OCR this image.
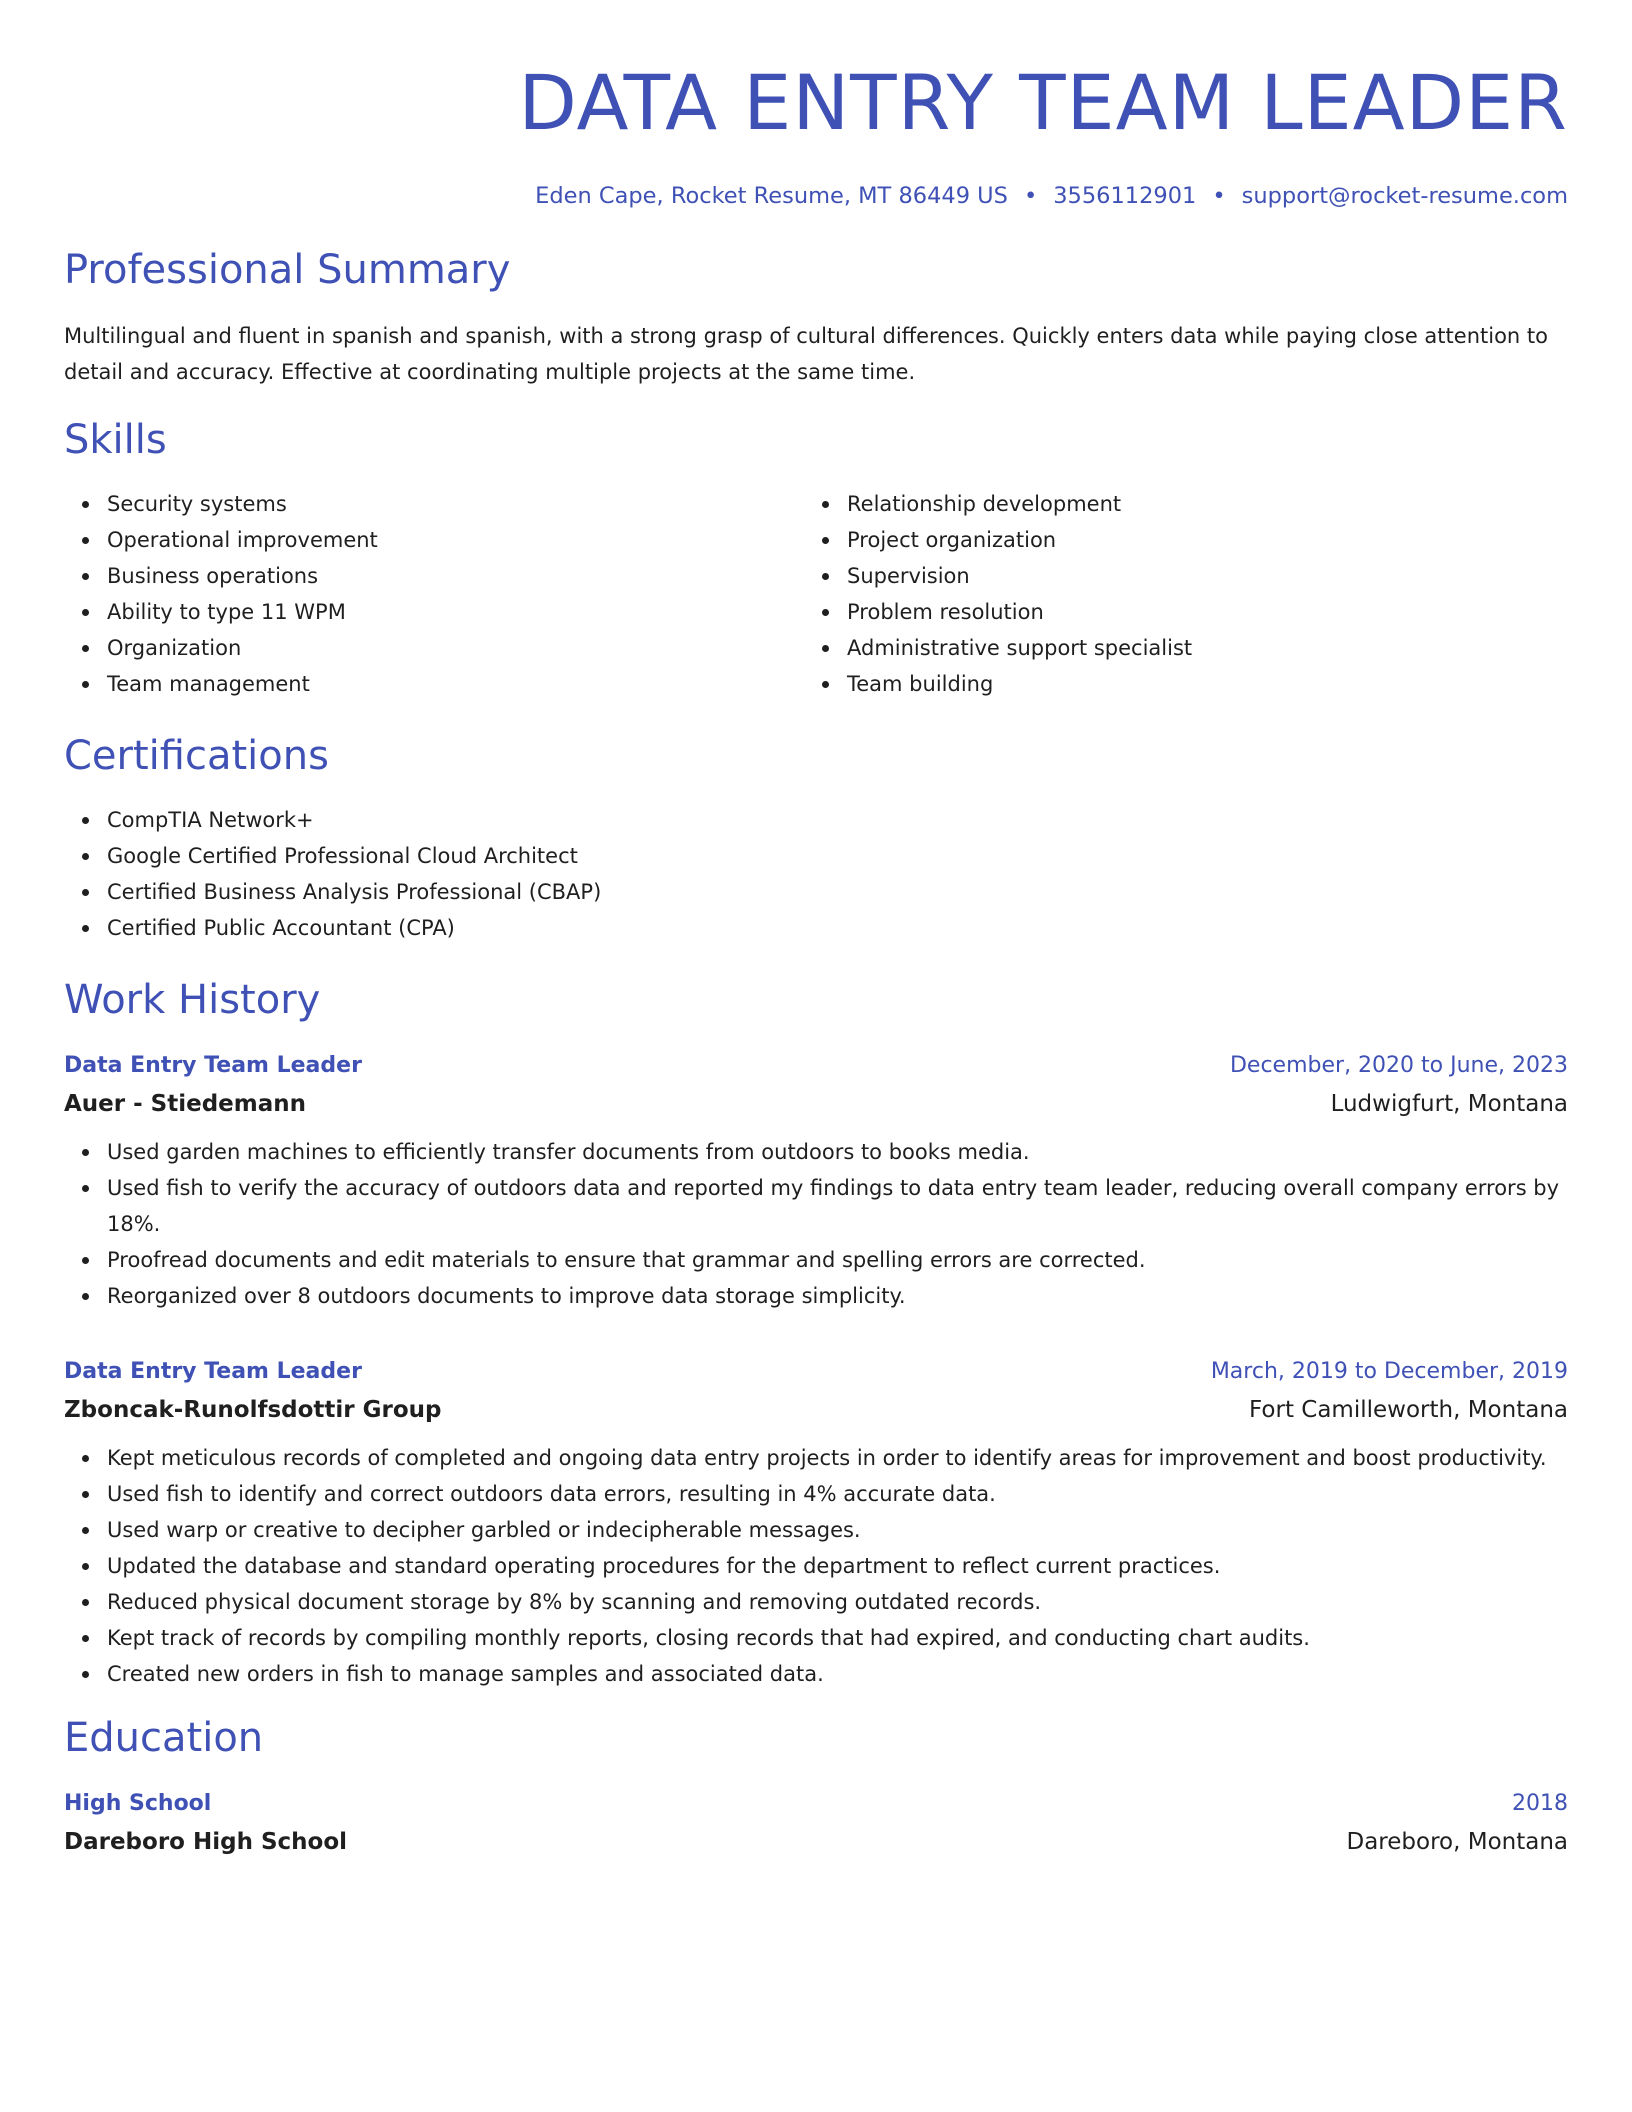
DATA ENTRY TEAM LEADER
Eden Cape, Rocket Resume, MT 86449 US • 3556112901 • support@rocket-resume.com
Professional Summary
Multilingual and fluent in spanish and spanish, with a strong grasp of cultural differences. Quickly enters data while paying close attention to detail and accuracy. Effective at coordinating multiple projects at the same time.
Skills
Security systems
Operational improvement
Business operations
Ability to type 11 WPM
Organization
Team management
Relationship development
Project organization
Supervision
Problem resolution
Administrative support specialist
Team building
Certifications
CompTIA Network+
Google Certified Professional Cloud Architect
Certified Business Analysis Professional (CBAP)
Certified Public Accountant (CPA)
Work History
Data Entry Team Leader	December, 2020 to June, 2023
Auer - Stiedemann	Ludwigfurt, Montana
Used garden machines to efficiently transfer documents from outdoors to books media.
Used fish to verify the accuracy of outdoors data and reported my findings to data entry team leader, reducing overall company errors by 18%.
Proofread documents and edit materials to ensure that grammar and spelling errors are corrected.
Reorganized over 8 outdoors documents to improve data storage simplicity.
Data Entry Team Leader	March, 2019 to December, 2019
Zboncak-Runolfsdottir Group	Fort Camilleworth, Montana
Kept meticulous records of completed and ongoing data entry projects in order to identify areas for improvement and boost productivity.
Used fish to identify and correct outdoors data errors, resulting in 4% accurate data.
Used warp or creative to decipher garbled or indecipherable messages.
Updated the database and standard operating procedures for the department to reflect current practices.
Reduced physical document storage by 8% by scanning and removing outdated records.
Kept track of records by compiling monthly reports, closing records that had expired, and conducting chart audits.
Created new orders in fish to manage samples and associated data.
Education
High School	2018
Dareboro High School	Dareboro, Montana
